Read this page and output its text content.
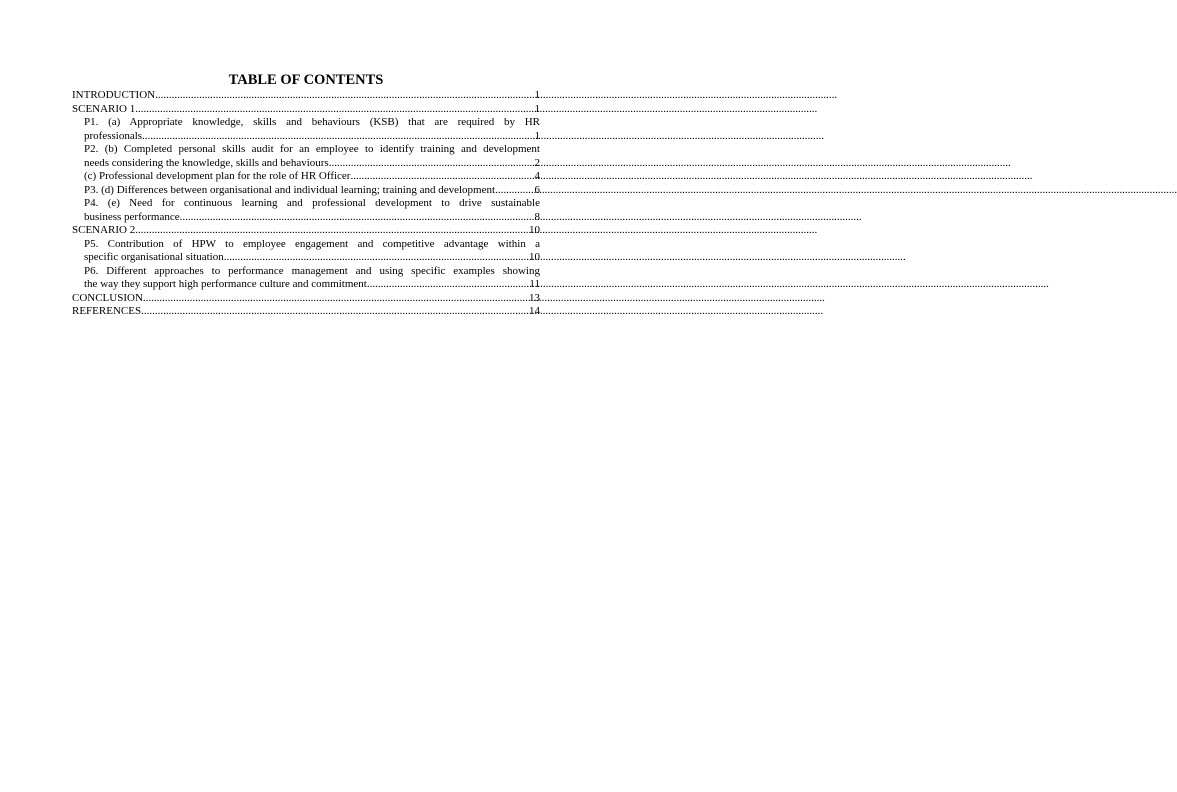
TABLE OF CONTENTS
INTRODUCTION .....	1
SCENARIO 1 .....	1
P1. (a) Appropriate knowledge, skills and behaviours (KSB) that are required by HR
professionals .....	1
P2. (b) Completed personal skills audit for an employee to identify training and development
needs considering the knowledge, skills and behaviours .....	2
(c) Professional development plan for the role of HR Officer .....	4
P3. (d) Differences between organisational and individual learning; training and development .....	6
P4. (e) Need for continuous learning and professional development to drive sustainable
business performance .....	8
SCENARIO 2 .....	10
P5. Contribution of HPW to employee engagement and competitive advantage within a
specific organisational situation .....	10
P6. Different approaches to performance management and using specific examples showing
the way they support high performance culture and commitment .....	11
CONCLUSION .....	13
REFERENCES .....	14
